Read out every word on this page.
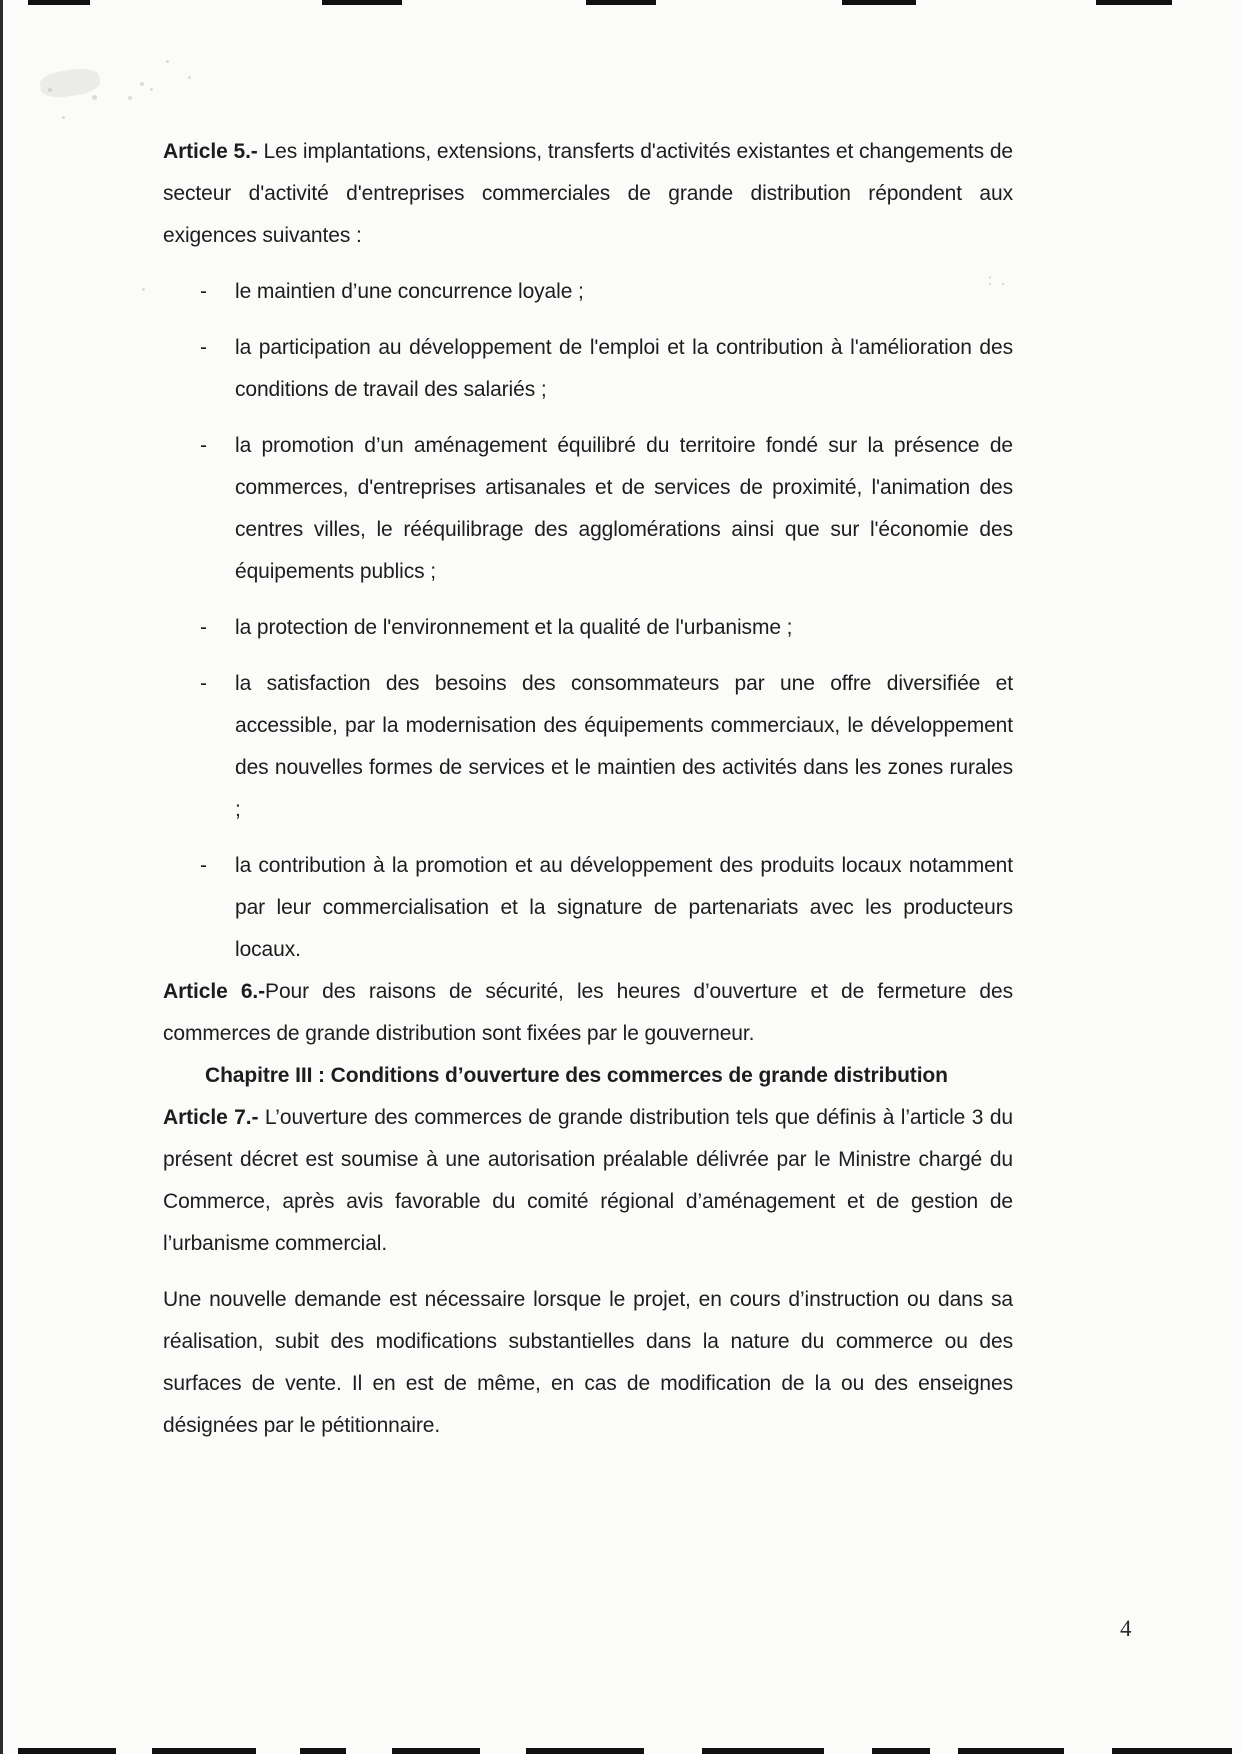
: .

Article 5.- Les implantations, extensions, transferts d'activités existantes et changements de secteur d'activité d'entreprises commerciales de grande distribution répondent aux exigences suivantes :

-	le maintien d’une concurrence loyale ;
-	la participation au développement de l'emploi et la contribution à l'amélioration des conditions de travail des salariés ;
-	la promotion d’un aménagement équilibré du territoire fondé sur la présence de commerces, d'entreprises artisanales et de services de proximité, l'animation des centres villes, le rééquilibrage des agglomérations ainsi que sur l'économie des équipements publics ;
-	la protection de l'environnement et la qualité de l'urbanisme ;
-	la satisfaction des besoins des consommateurs par une offre diversifiée et accessible, par la modernisation des équipements commerciaux, le développement des nouvelles formes de services et le maintien des activités dans les zones rurales ;
-	la contribution à la promotion et au développement des produits locaux notamment par leur commercialisation et la signature de partenariats avec les producteurs locaux.

Article 6.-Pour des raisons de sécurité, les heures d’ouverture et de fermeture des commerces de grande distribution sont fixées par le gouverneur.

Chapitre III : Conditions d’ouverture des commerces de grande distribution

Article 7.- L’ouverture des commerces de grande distribution tels que définis à l’article 3 du présent décret est soumise à une autorisation préalable délivrée par le Ministre chargé du Commerce, après avis favorable du comité régional d’aménagement et de gestion de l’urbanisme commercial.

Une nouvelle demande est nécessaire lorsque le projet, en cours d’instruction ou dans sa réalisation, subit des modifications substantielles dans la nature du commerce ou des surfaces de vente. Il en est de même, en cas de modification de la ou des enseignes désignées par le pétitionnaire.

4
